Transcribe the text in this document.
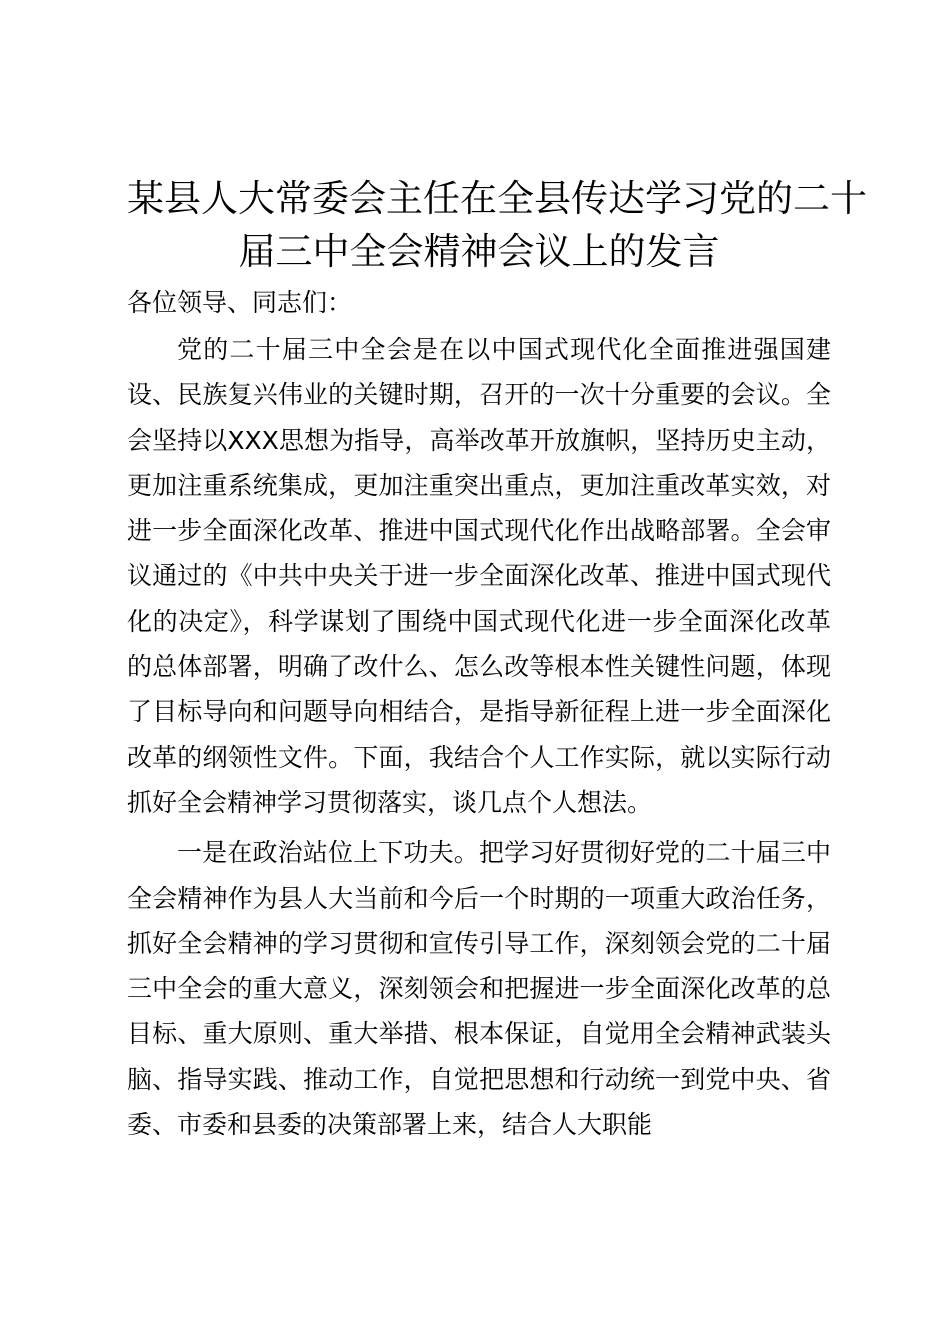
某县人大常委会主任在全县传达学习党的二十
届三中全会精神会议上的发言

各位领导、同志们：

党的二十届三中全会是在以中国式现代化全面推进强国建设、民族复兴伟业的关键时期，召开的一次十分重要的会议。全会坚持以XXX思想为指导，高举改革开放旗帜，坚持历史主动，更加注重系统集成，更加注重突出重点，更加注重改革实效，对进一步全面深化改革、推进中国式现代化作出战略部署。全会审议通过的《中共中央关于进一步全面深化改革、推进中国式现代化的决定》，科学谋划了围绕中国式现代化进一步全面深化改革的总体部署，明确了改什么、怎么改等根本性关键性问题，体现了目标导向和问题导向相结合，是指导新征程上进一步全面深化改革的纲领性文件。下面，我结合个人工作实际，就以实际行动抓好全会精神学习贯彻落实，谈几点个人想法。

一是在政治站位上下功夫。把学习好贯彻好党的二十届三中全会精神作为县人大当前和今后一个时期的一项重大政治任务，抓好全会精神的学习贯彻和宣传引导工作，深刻领会党的二十届三中全会的重大意义，深刻领会和把握进一步全面深化改革的总目标、重大原则、重大举措、根本保证，自觉用全会精神武装头脑、指导实践、推动工作，自觉把思想和行动统一到党中央、省委、市委和县委的决策部署上来，结合人大职能
